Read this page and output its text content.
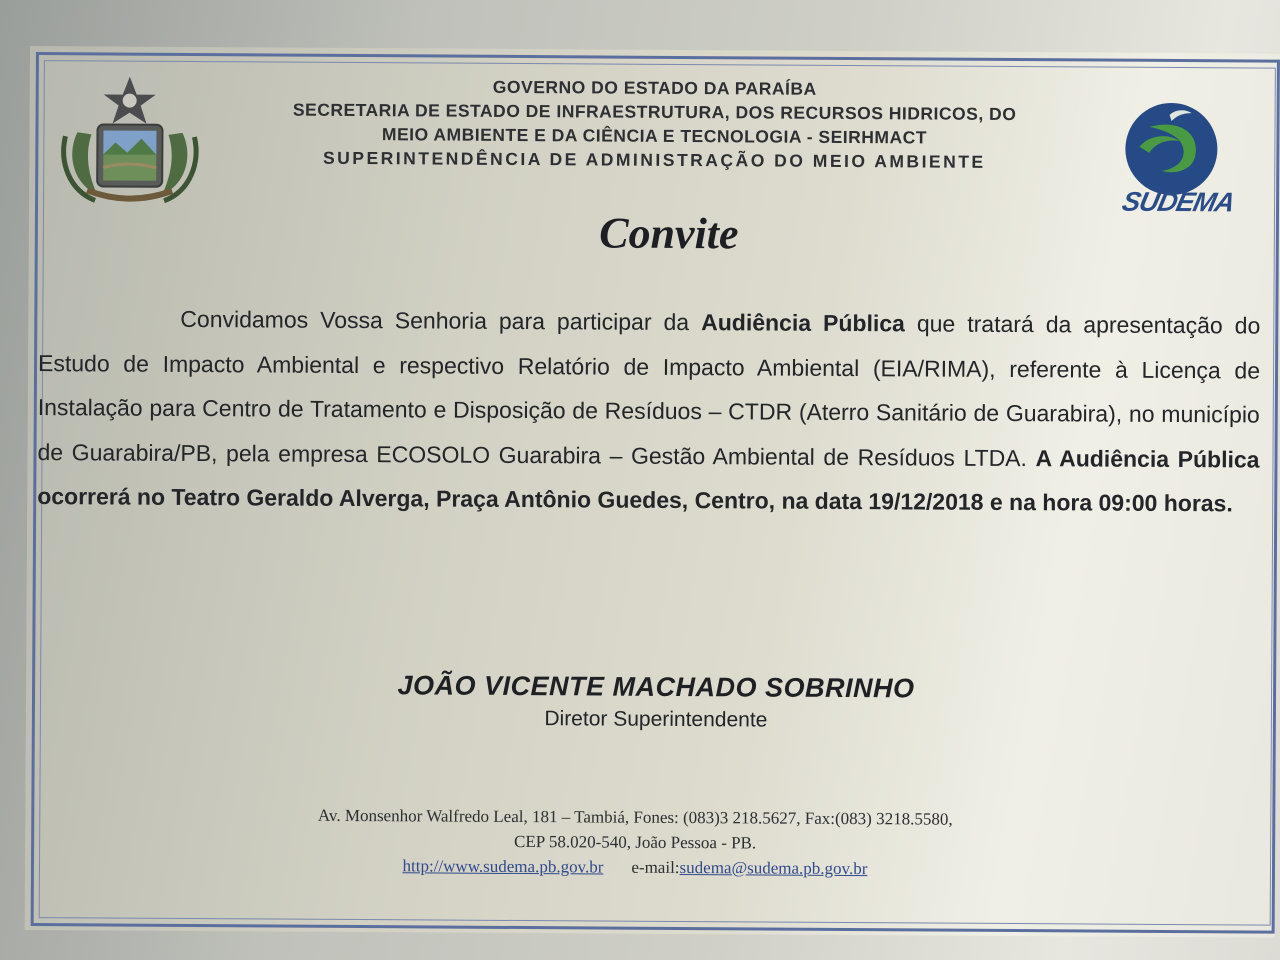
SUDEMA
GOVERNO DO ESTADO DA PARAÍBA
SECRETARIA DE ESTADO DE INFRAESTRUTURA, DOS RECURSOS HIDRICOS, DO
MEIO AMBIENTE E DA CIÊNCIA E TECNOLOGIA - SEIRHMACT
SUPERINTENDÊNCIA DE ADMINISTRAÇÃO DO MEIO AMBIENTE
Convite
Convidamos Vossa Senhoria para participar da Audiência Pública que tratará da apresentação do Estudo de Impacto Ambiental e respectivo Relatório de Impacto Ambiental (EIA/RIMA), referente à Licença de Instalação para Centro de Tratamento e Disposição de Resíduos – CTDR (Aterro Sanitário de Guarabira), no município de Guarabira/PB, pela empresa ECOSOLO Guarabira – Gestão Ambiental de Resíduos LTDA. A Audiência Pública ocorrerá no Teatro Geraldo Alverga, Praça Antônio Guedes, Centro, na data 19/12/2018 e na hora 09:00 horas.
JOÃO VICENTE MACHADO SOBRINHO
Diretor Superintendente
Av. Monsenhor Walfredo Leal, 181 – Tambiá, Fones: (083)3 218.5627, Fax:(083) 3218.5580,
CEP 58.020-540, João Pessoa - PB.
http://www.sudema.pb.gov.br e-mail:sudema@sudema.pb.gov.br
